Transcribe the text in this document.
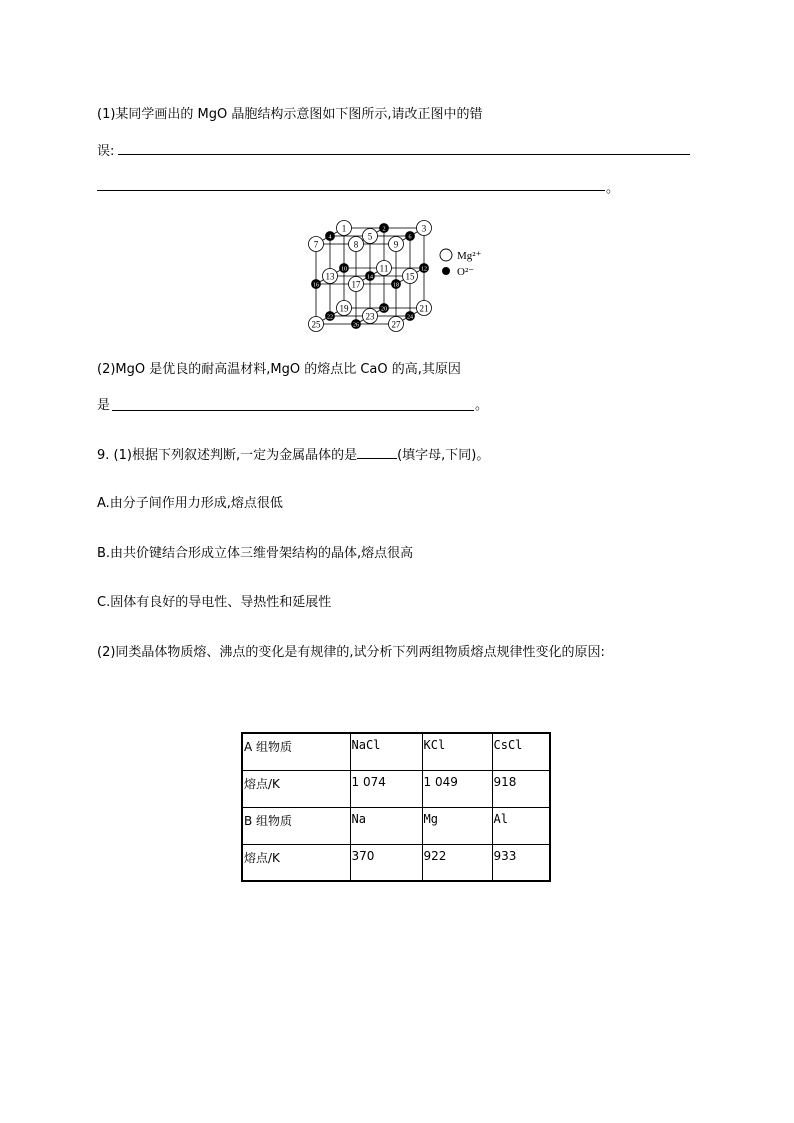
(1)某同学画出的 MgO 晶胞结构示意图如下图所示,请改正图中的错
误:
。
1	2	3
4	5	6
7	8	9
10	11	12
13	14	15
16	17	18
19	20	21
22	23	24
25	26	27
Mg²⁺
O²⁻
(2)MgO 是优良的耐高温材料,MgO 的熔点比 CaO 的高,其原因
是	。
9. (1)根据下列叙述判断,一定为金属晶体的是	(填字母,下同)。
A.由分子间作用力形成,熔点很低
B.由共价键结合形成立体三维骨架结构的晶体,熔点很高
C.固体有良好的导电性、导热性和延展性
(2)同类晶体物质熔、沸点的变化是有规律的,试分析下列两组物质熔点规律性变化的原因:
A 组物质	NaCl	KCl	CsCl
熔点/K	1 074	1 049	918
B 组物质	Na	Mg	Al
熔点/K	370	922	933
